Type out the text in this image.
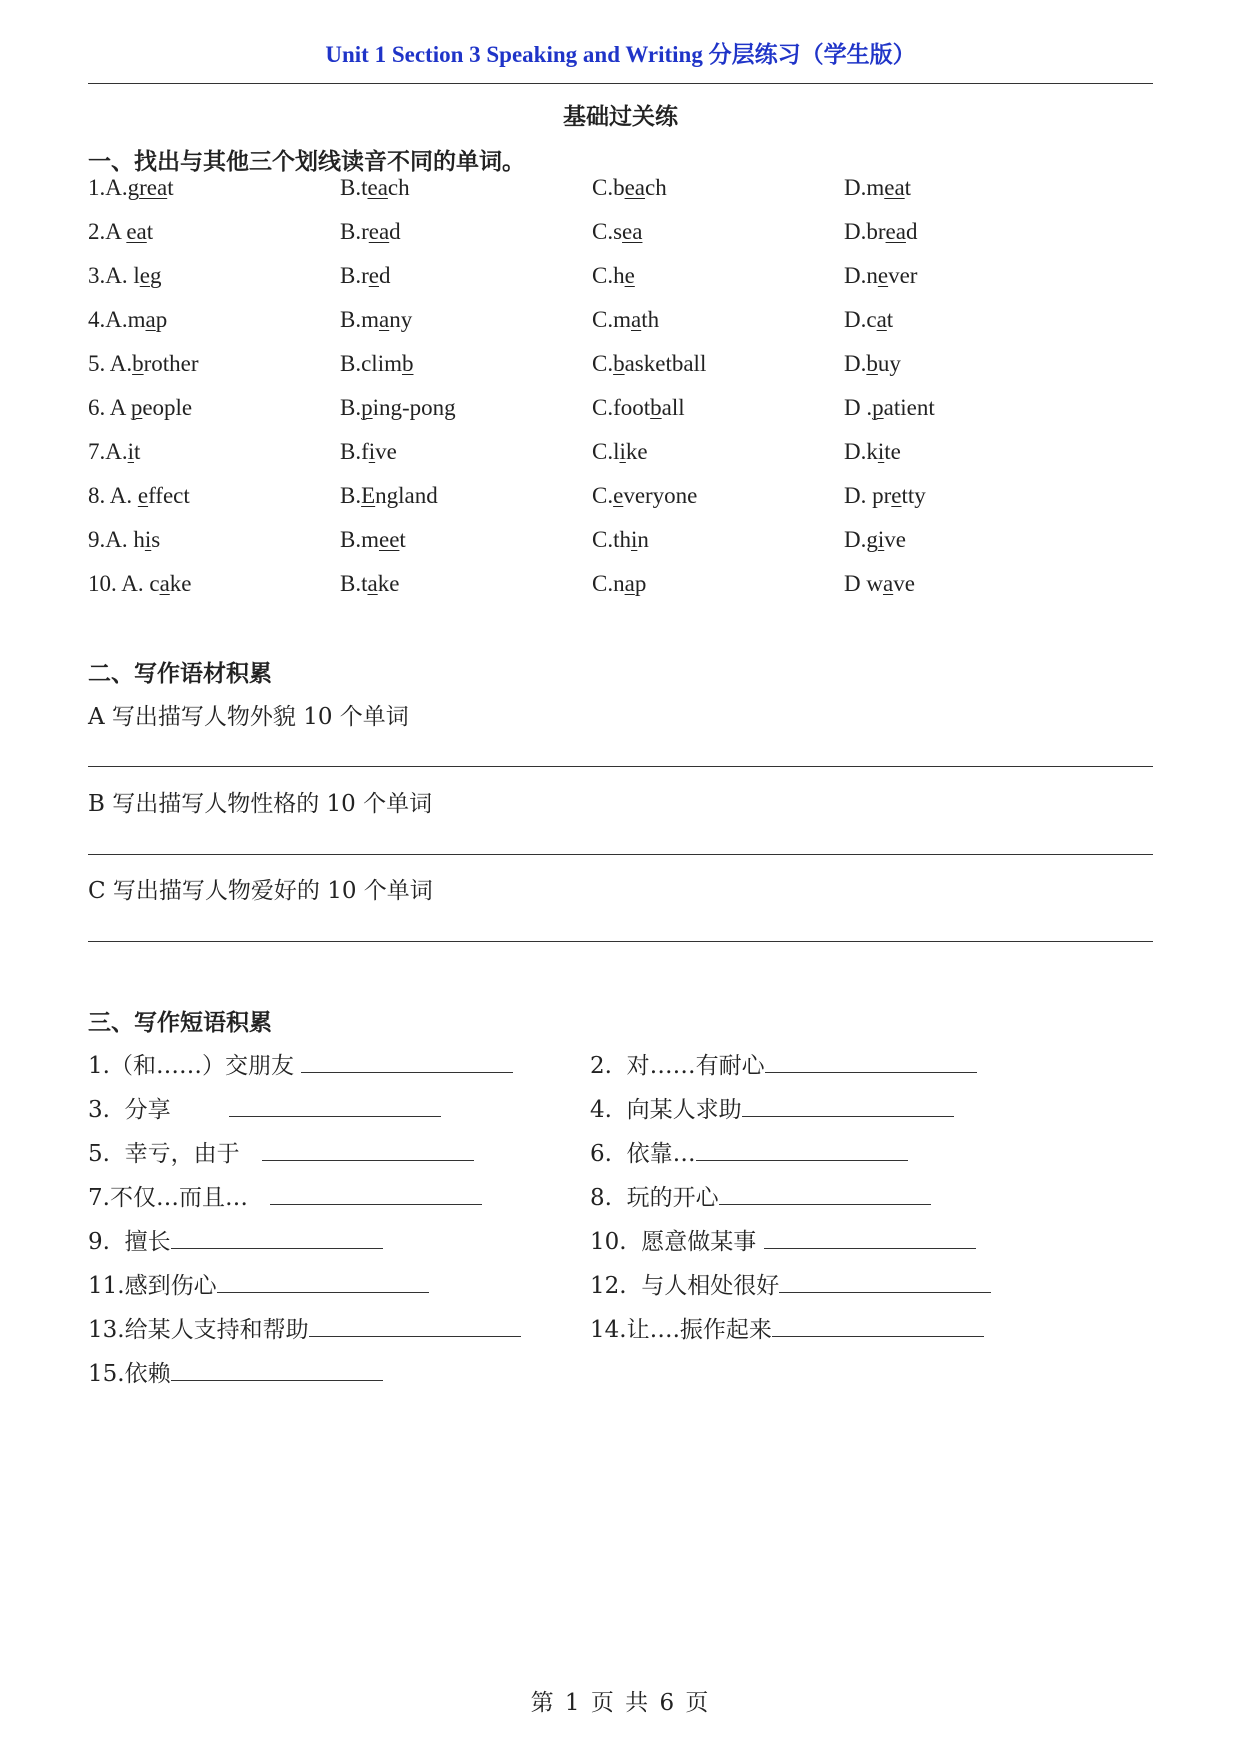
Unit 1 Section 3 Speaking and Writing 分层练习（学生版）
基础过关练
一、找出与其他三个划线读音不同的单词。
1.A.great	B.teach	C.beach	D.meat
2.A eat	B.read	C.sea	D.bread
3.A. leg	B.red	C.he	D.never
4.A.map	B.many	C.math	D.cat
5. A.brother	B.climb	C.basketball	D.buy
6. A people	B.ping-pong	C.football	D .patient
7.A.it	B.five	C.like	D.kite
8. A. effect	B.England	C.everyone	D. pretty
9.A. his	B.meet	C.thin	D.give
10. A. cake	B.take	C.nap	D wave
二、写作语材积累
A 写出描写人物外貌 10 个单词
B 写出描写人物性格的 10 个单词
C 写出描写人物爱好的 10 个单词
三、写作短语积累
1.（和……）交朋友	2.  对……有耐心
3.  分享	4.  向某人求助
5.  幸亏，由于	6.  依靠…
7.不仅…而且…	8.  玩的开心
9.  擅长	10.  愿意做某事
11.感到伤心	12.  与人相处很好
13.给某人支持和帮助	14.让….振作起来
15.依赖
第 1 页 共 6 页
